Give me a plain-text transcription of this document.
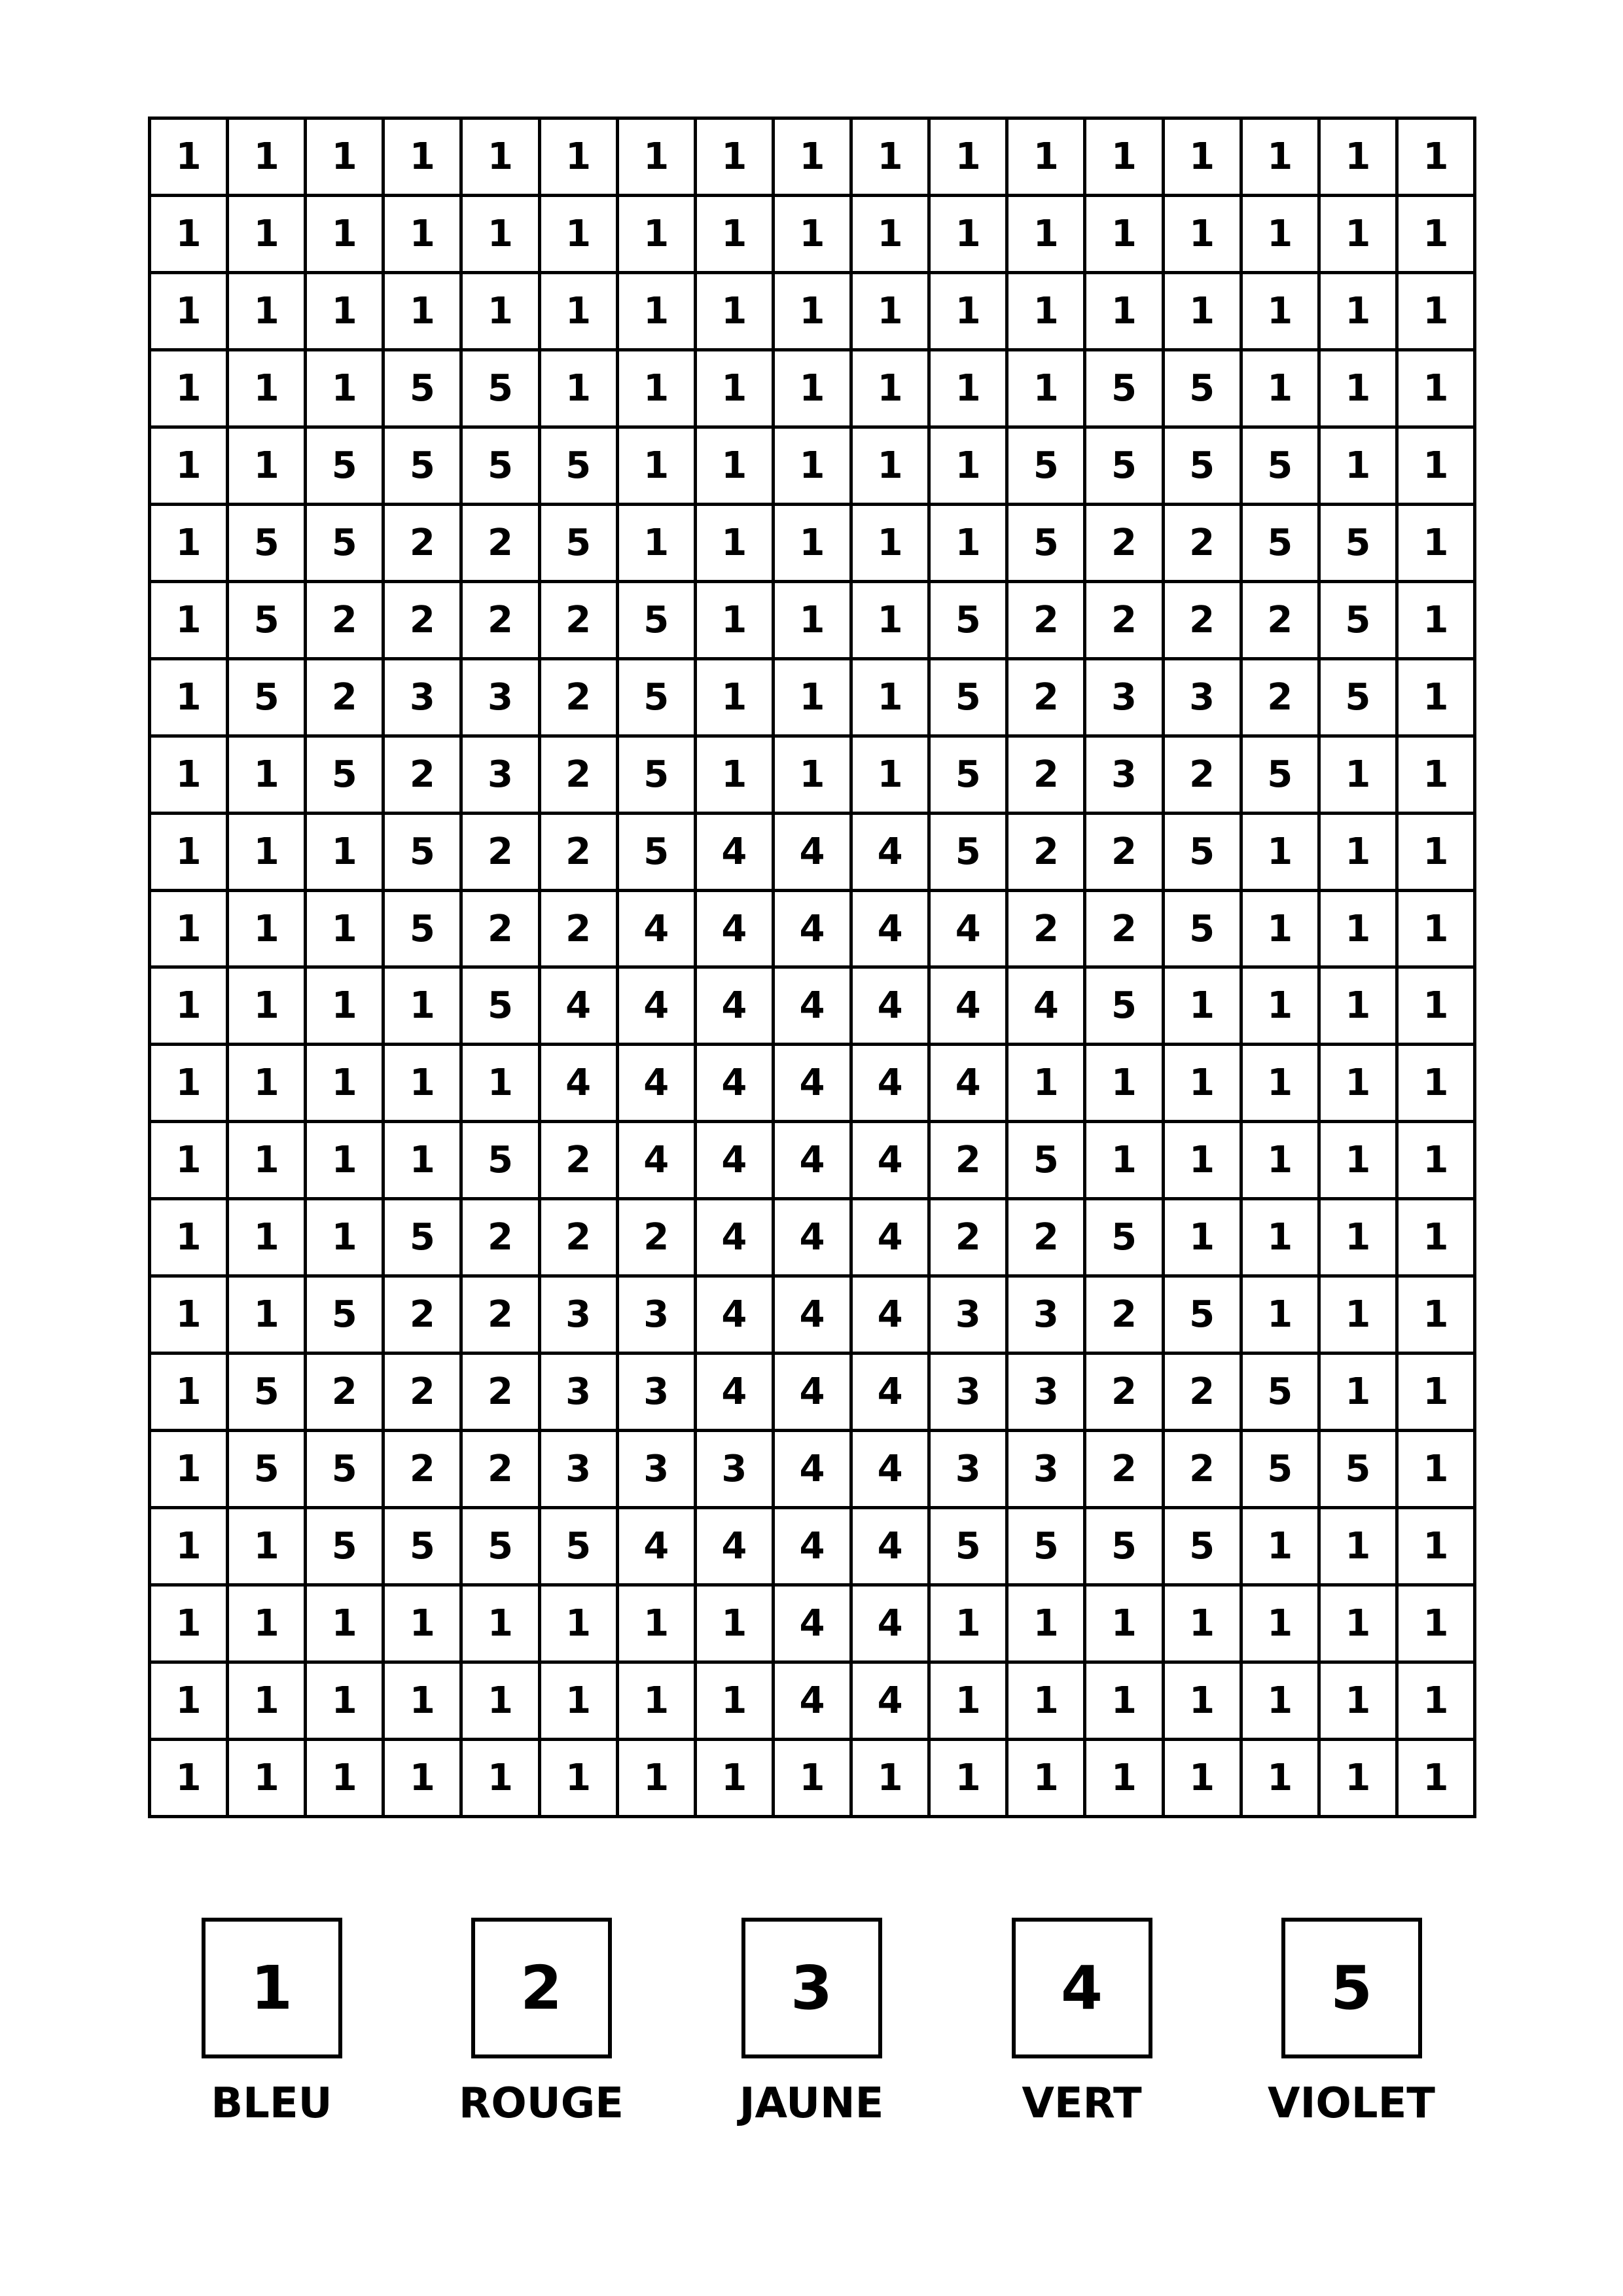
1	1	1	1	1	1	1	1	1	1	1	1	1	1	1	1	1
1	1	1	1	1	1	1	1	1	1	1	1	1	1	1	1	1
1	1	1	1	1	1	1	1	1	1	1	1	1	1	1	1	1
1	1	1	5	5	1	1	1	1	1	1	1	5	5	1	1	1
1	1	5	5	5	5	1	1	1	1	1	5	5	5	5	1	1
1	5	5	2	2	5	1	1	1	1	1	5	2	2	5	5	1
1	5	2	2	2	2	5	1	1	1	5	2	2	2	2	5	1
1	5	2	3	3	2	5	1	1	1	5	2	3	3	2	5	1
1	1	5	2	3	2	5	1	1	1	5	2	3	2	5	1	1
1	1	1	5	2	2	5	4	4	4	5	2	2	5	1	1	1
1	1	1	5	2	2	4	4	4	4	4	2	2	5	1	1	1
1	1	1	1	5	4	4	4	4	4	4	4	5	1	1	1	1
1	1	1	1	1	4	4	4	4	4	4	1	1	1	1	1	1
1	1	1	1	5	2	4	4	4	4	2	5	1	1	1	1	1
1	1	1	5	2	2	2	4	4	4	2	2	5	1	1	1	1
1	1	5	2	2	3	3	4	4	4	3	3	2	5	1	1	1
1	5	2	2	2	3	3	4	4	4	3	3	2	2	5	1	1
1	5	5	2	2	3	3	3	4	4	3	3	2	2	5	5	1
1	1	5	5	5	5	4	4	4	4	5	5	5	5	1	1	1
1	1	1	1	1	1	1	1	4	4	1	1	1	1	1	1	1
1	1	1	1	1	1	1	1	4	4	1	1	1	1	1	1	1
1	1	1	1	1	1	1	1	1	1	1	1	1	1	1	1	1
1
BLEU
2
ROUGE
3
JAUNE
4
VERT
5
VIOLET
